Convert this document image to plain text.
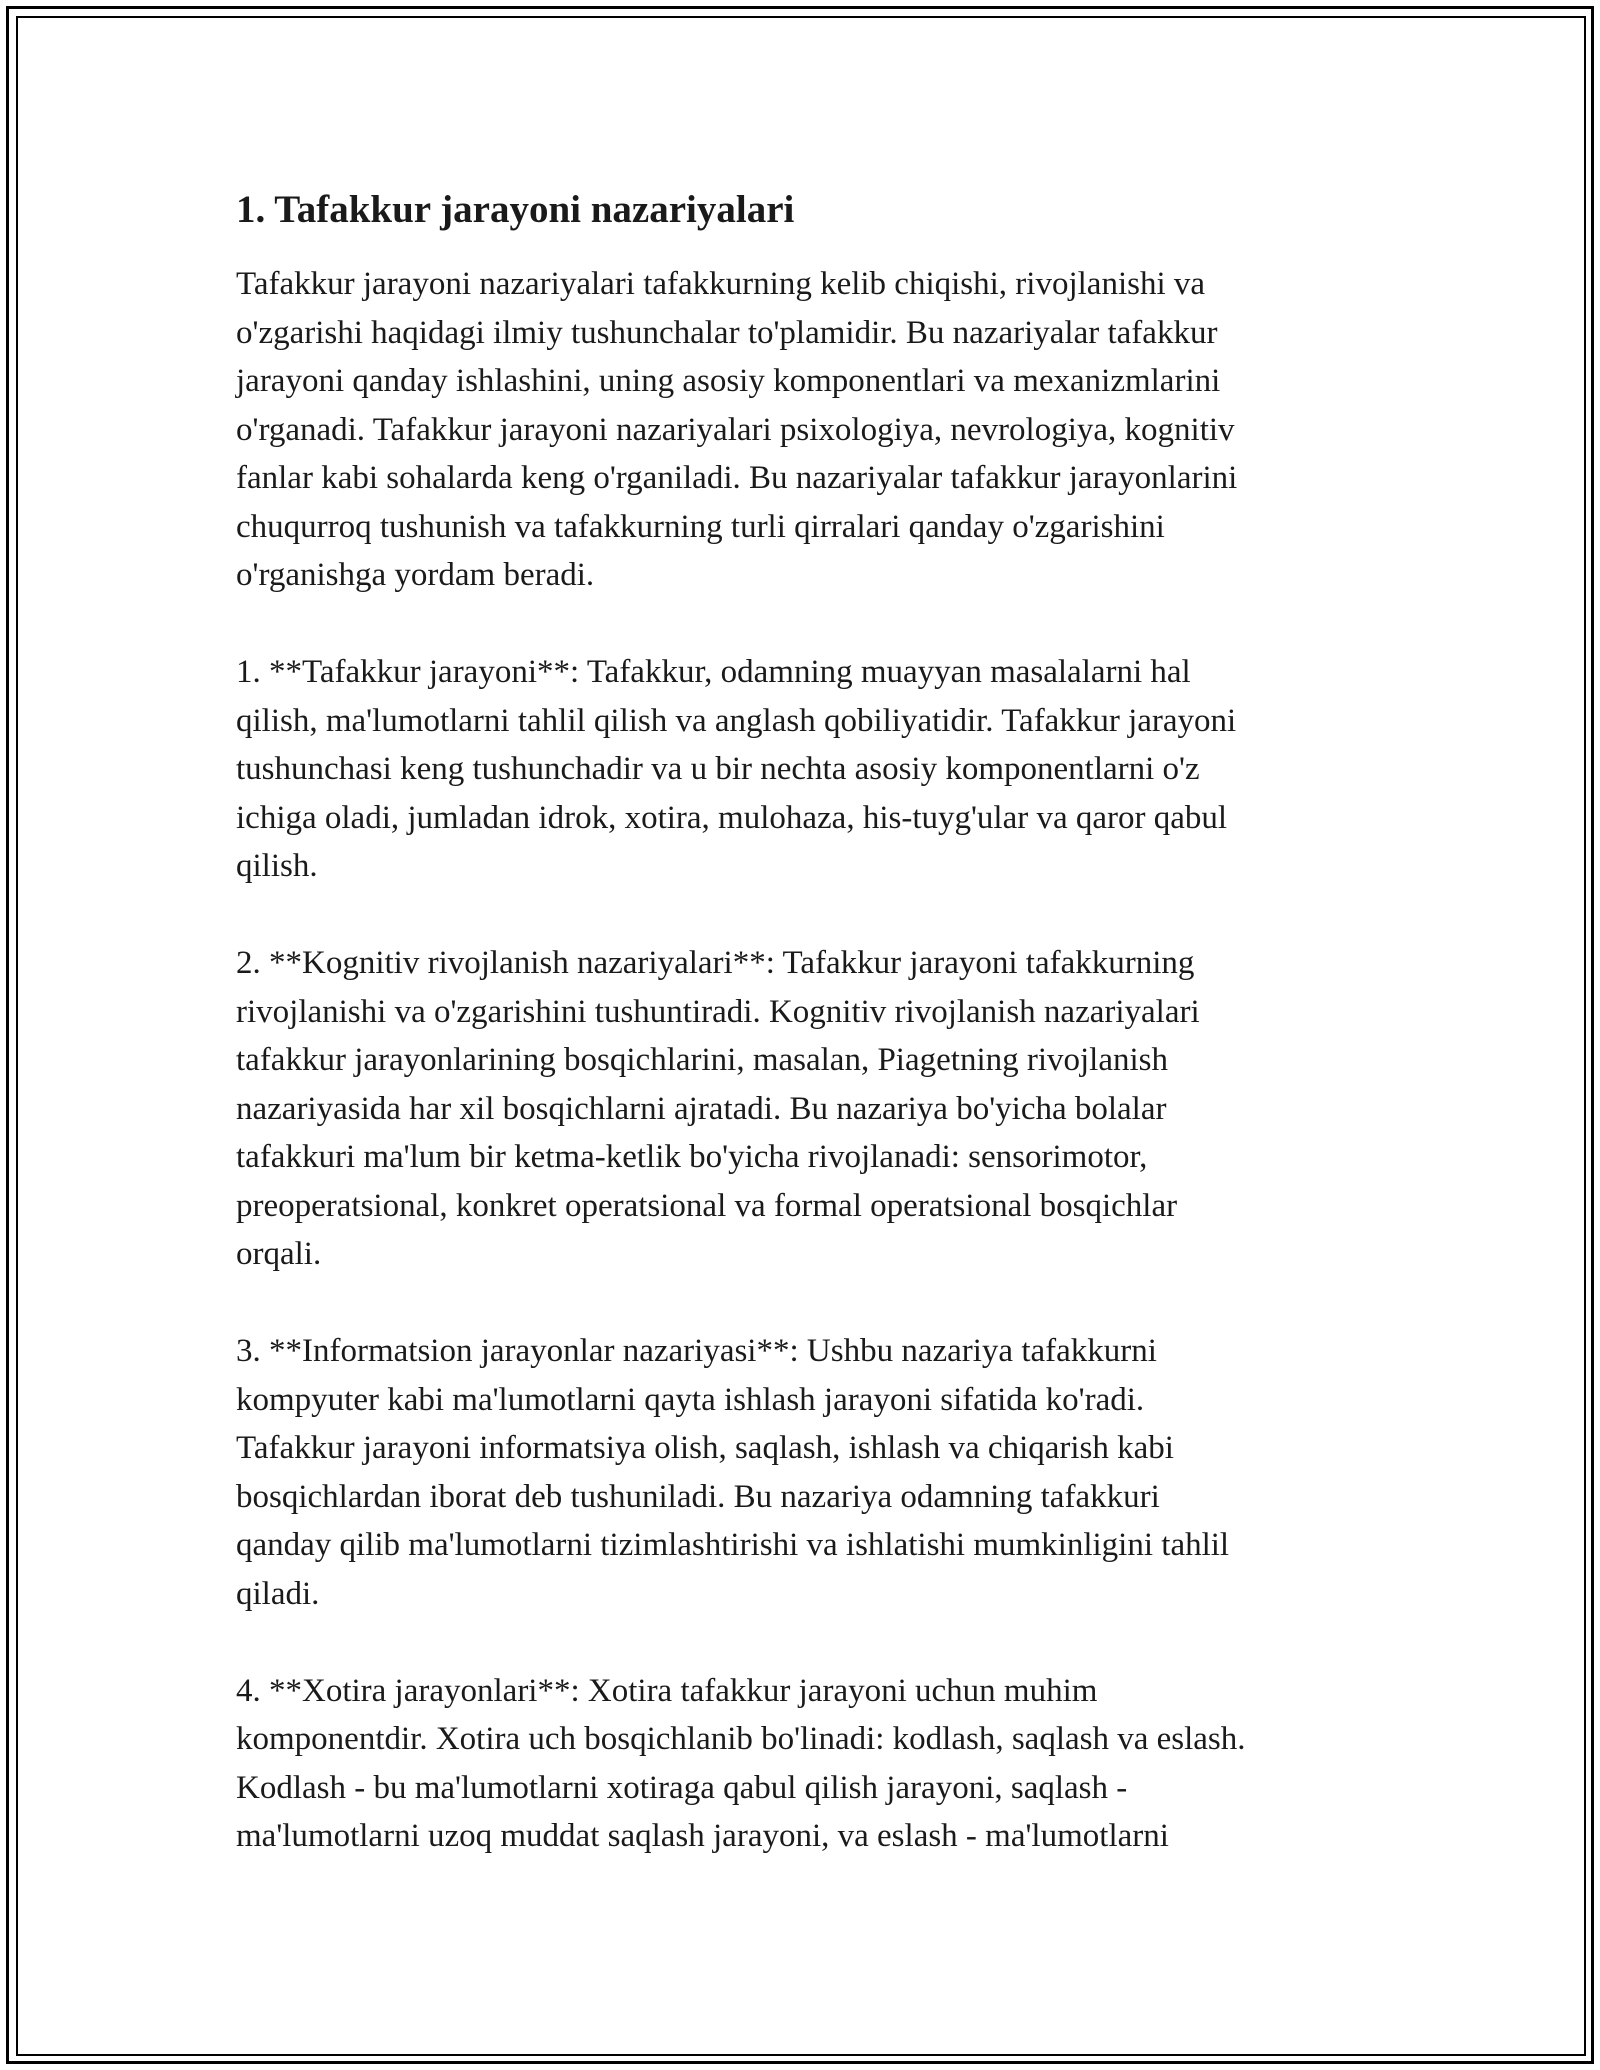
1. Tafakkur jarayoni nazariyalari
Tafakkur jarayoni nazariyalari tafakkurning kelib chiqishi, rivojlanishi va
o'zgarishi haqidagi ilmiy tushunchalar to'plamidir. Bu nazariyalar tafakkur
jarayoni qanday ishlashini, uning asosiy komponentlari va mexanizmlarini
o'rganadi. Tafakkur jarayoni nazariyalari psixologiya, nevrologiya, kognitiv
fanlar kabi sohalarda keng o'rganiladi. Bu nazariyalar tafakkur jarayonlarini
chuqurroq tushunish va tafakkurning turli qirralari qanday o'zgarishini
o'rganishga yordam beradi.
1. **Tafakkur jarayoni**: Tafakkur, odamning muayyan masalalarni hal
qilish, ma'lumotlarni tahlil qilish va anglash qobiliyatidir. Tafakkur jarayoni
tushunchasi keng tushunchadir va u bir nechta asosiy komponentlarni o'z
ichiga oladi, jumladan idrok, xotira, mulohaza, his-tuyg'ular va qaror qabul
qilish.
2. **Kognitiv rivojlanish nazariyalari**: Tafakkur jarayoni tafakkurning
rivojlanishi va o'zgarishini tushuntiradi. Kognitiv rivojlanish nazariyalari
tafakkur jarayonlarining bosqichlarini, masalan, Piagetning rivojlanish
nazariyasida har xil bosqichlarni ajratadi. Bu nazariya bo'yicha bolalar
tafakkuri ma'lum bir ketma-ketlik bo'yicha rivojlanadi: sensorimotor,
preoperatsional, konkret operatsional va formal operatsional bosqichlar
orqali.
3. **Informatsion jarayonlar nazariyasi**: Ushbu nazariya tafakkurni
kompyuter kabi ma'lumotlarni qayta ishlash jarayoni sifatida ko'radi.
Tafakkur jarayoni informatsiya olish, saqlash, ishlash va chiqarish kabi
bosqichlardan iborat deb tushuniladi. Bu nazariya odamning tafakkuri
qanday qilib ma'lumotlarni tizimlashtirishi va ishlatishi mumkinligini tahlil
qiladi.
4. **Xotira jarayonlari**: Xotira tafakkur jarayoni uchun muhim
komponentdir. Xotira uch bosqichlanib bo'linadi: kodlash, saqlash va eslash.
Kodlash - bu ma'lumotlarni xotiraga qabul qilish jarayoni, saqlash -
ma'lumotlarni uzoq muddat saqlash jarayoni, va eslash - ma'lumotlarni
